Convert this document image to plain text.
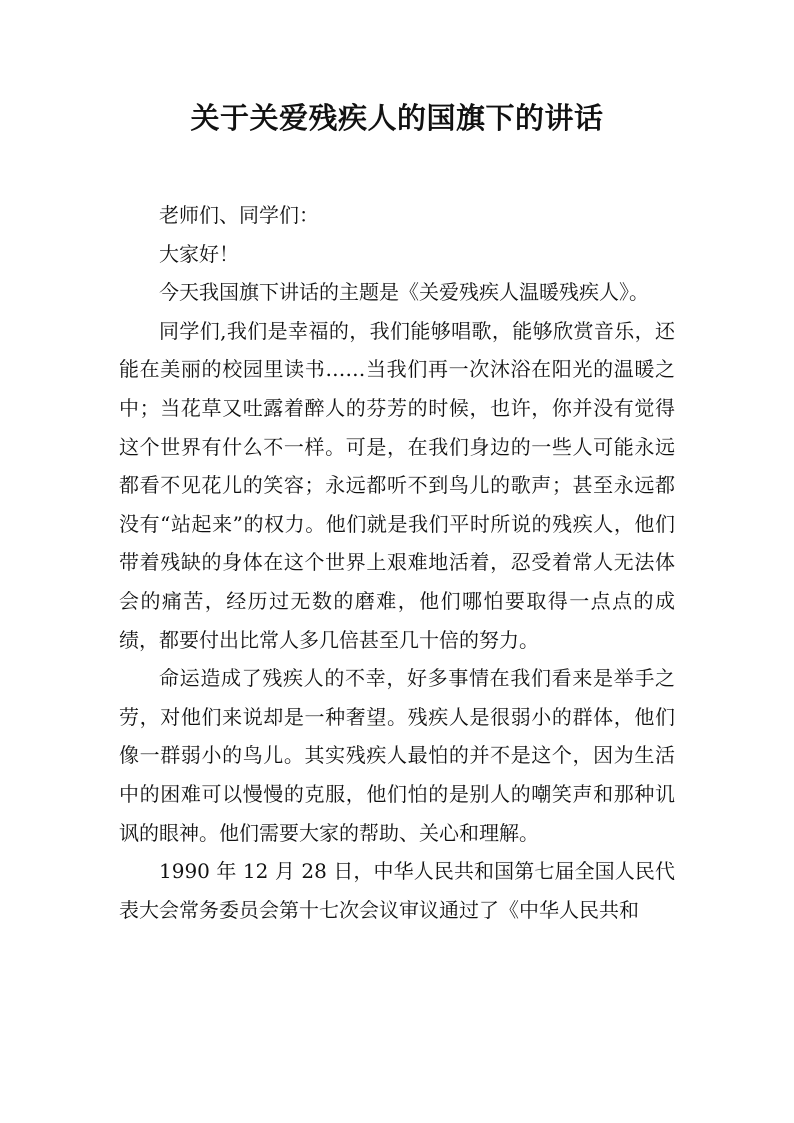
关于关爱残疾人的国旗下的讲话

老师们、同学们：

大家好！

今天我国旗下讲话的主题是《关爱残疾人温暖残疾人》。

同学们,我们是幸福的，我们能够唱歌，能够欣赏音乐，还能在美丽的校园里读书……当我们再一次沐浴在阳光的温暖之中；当花草又吐露着醉人的芬芳的时候，也许，你并没有觉得这个世界有什么不一样。可是，在我们身边的一些人可能永远都看不见花儿的笑容；永远都听不到鸟儿的歌声；甚至永远都没有“站起来”的权力。他们就是我们平时所说的残疾人，他们带着残缺的身体在这个世界上艰难地活着，忍受着常人无法体会的痛苦，经历过无数的磨难，他们哪怕要取得一点点的成绩，都要付出比常人多几倍甚至几十倍的努力。

命运造成了残疾人的不幸，好多事情在我们看来是举手之劳，对他们来说却是一种奢望。残疾人是很弱小的群体，他们像一群弱小的鸟儿。其实残疾人最怕的并不是这个，因为生活中的困难可以慢慢的克服，他们怕的是别人的嘲笑声和那种讥讽的眼神。他们需要大家的帮助、关心和理解。

1990 年 12 月 28 日，中华人民共和国第七届全国人民代表大会常务委员会第十七次会议审议通过了《中华人民共和
